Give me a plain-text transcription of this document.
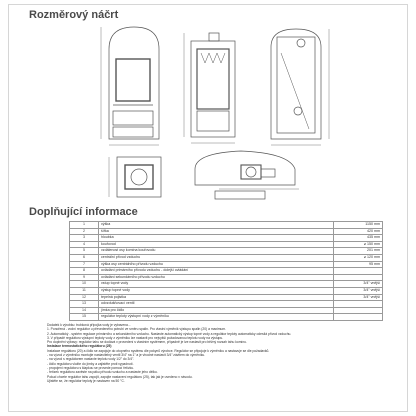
Rozměrový náčrt
Doplňující informace
1	výška	1150 mm
2	šířka	420 mm
3	hloubka	435 mm
4	kouřovod	⌀ 150 mm
5	vzdálenost osy komína kouřovodu	201 mm
6	centrální přívod vzduchu	⌀ 120 mm
7	výška osy centrálního přívodu vzduchu	95 mm
8	ovládání primárního přívodu vzduchu - dolejší ovládání	
9	ovládání sekundárního přívodu vzduchu	
10	vstup topné vody	3/4" vnější
11	výstup topné vody	3/4" vnější
12	tepelná pojistka	3/4" vnější
13	odvzdušňovací ventil	
14	jímka pro čidlo	
15	regulátor teploty výstupní vody z výměníku	

Dodatek k výrobku: trubková přípojka vody je vybavena...

1. Ponořená - vodní regulátor u převedeného potrubí ve směru spalin. Pro vlastní výměník výstupu spalin (20) a maximum.

2. Automatický - systém regulace primárního a sekundárního vzduchu. Nastavte automatický výstup topné vody a regulátor teploty automaticky odesílá přívod vzduchu.

3. V případě regulátoru výstupní teploty vody z výměníku lze nastavit pro nejvyšší požadovanou teplotu vody na výstupu.

Pro doplnění výbavy: regulátor tahu se dodává v provedení s vlastním systémem, případně je lze nastavit pro běžný rozsah tahu komínu.

Instalace termostatického regulátoru (25)

Instalace regulátoru (20) a čidlo se zapojuje do otopného systému dle pokynů výrobce. Regulátor se připojuje k výměníku a nastavuje se dle požadavků.

- na vývod z výměníku montujte nastavitelný ventil 3/4" na 1" a je vhodné nastavit 3/4" závitem do výměníku.

- na vývod s regulátorem nastavte teplotu vody 1/2" do 3/4".

- čidlo regulátoru vložte do jímky a zajistěte proti vypadnutí.

- propojení regulátoru s klapkou se provede pomocí řetízku.

- řetízek regulátoru zavěste na páku přívodu vzduchu a nastavte jeho délku.

Pokud chcete regulátor tahu zapojit, zapojte nastavení regulátoru (25), tak jak je uvedeno v návodu.

Ujistěte se, že regulátor teploty je nastaven na 50 °C.
